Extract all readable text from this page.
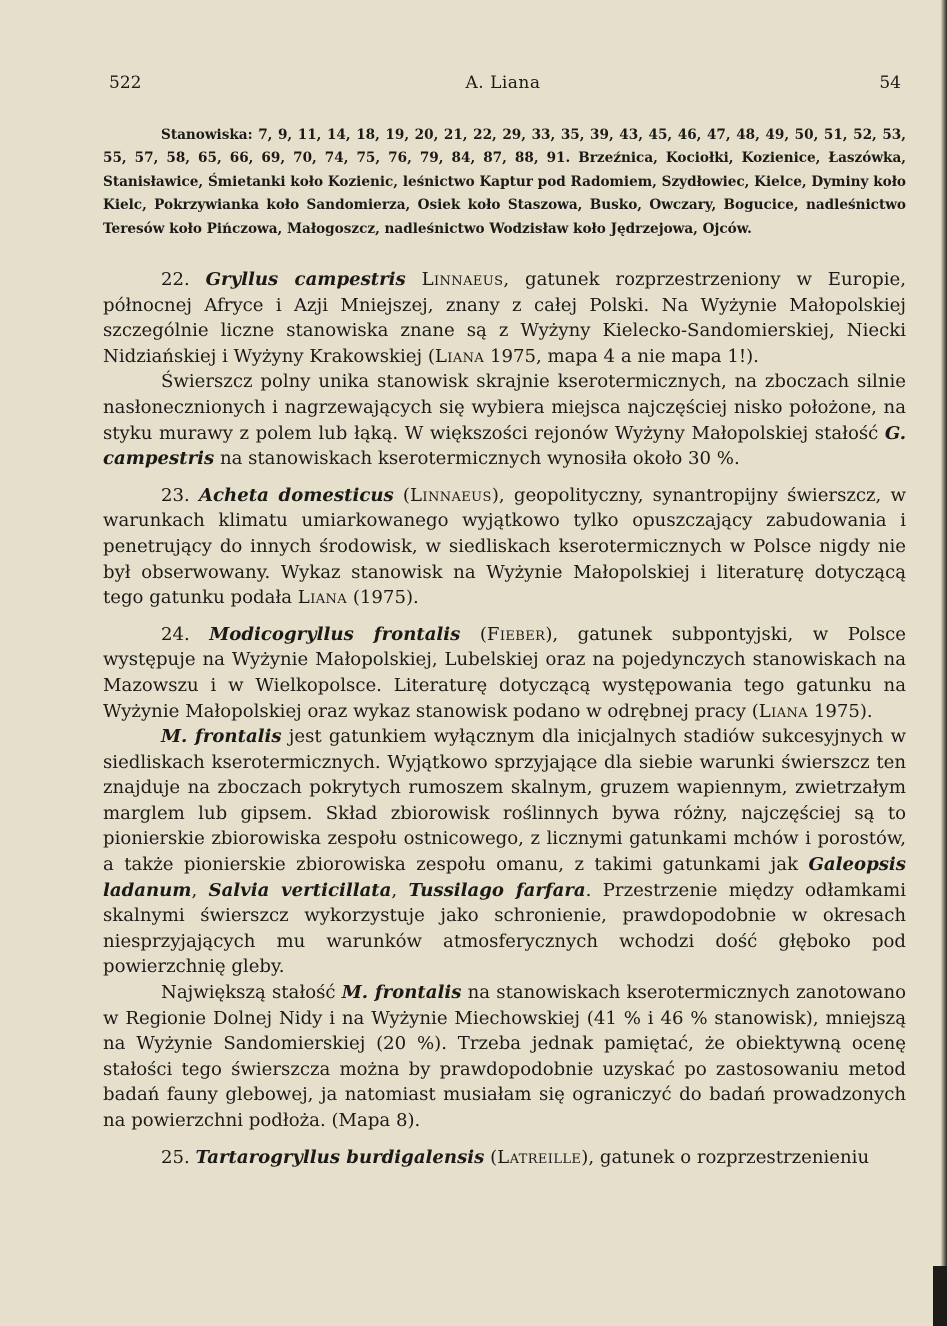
522	A. Liana	54

Stanowiska: 7, 9, 11, 14, 18, 19, 20, 21, 22, 29, 33, 35, 39, 43, 45, 46, 47, 48, 49, 50, 51, 52, 53, 55, 57, 58, 65, 66, 69, 70, 74, 75, 76, 79, 84, 87, 88, 91. Brzeźnica, Kociołki, Kozienice, Łaszówka, Stanisławice, Śmietanki koło Kozienic, leśnictwo Kaptur pod Radomiem, Szydłowiec, Kielce, Dyminy koło Kielc, Pokrzywianka koło Sandomierza, Osiek koło Staszowa, Busko, Owczary, Bogucice, nadleśnictwo Teresów koło Pińczowa, Małogoszcz, nadleśnictwo Wodzisław koło Jędrzejowa, Ojców.

22. Gryllus campestris Linnaeus, gatunek rozprzestrzeniony w Europie, północnej Afryce i Azji Mniejszej, znany z całej Polski. Na Wyżynie Małopolskiej szczególnie liczne stanowiska znane są z Wyżyny Kielecko-Sandomierskiej, Niecki Nidziańskiej i Wyżyny Krakowskiej (Liana 1975, mapa 4 a nie mapa 1!).

Świerszcz polny unika stanowisk skrajnie kserotermicznych, na zboczach silnie nasłonecznionych i nagrzewających się wybiera miejsca najczęściej nisko położone, na styku murawy z polem lub łąką. W większości rejonów Wyżyny Małopolskiej stałość G. campestris na stanowiskach kserotermicznych wynosiła około 30 %.

23. Acheta domesticus (Linnaeus), geopolityczny, synantropijny świerszcz, w warunkach klimatu umiarkowanego wyjątkowo tylko opuszczający zabudowania i penetrujący do innych środowisk, w siedliskach kserotermicznych w Polsce nigdy nie był obserwowany. Wykaz stanowisk na Wyżynie Małopolskiej i literaturę dotyczącą tego gatunku podała Liana (1975).

24. Modicogryllus frontalis (Fieber), gatunek subpontyjski, w Polsce występuje na Wyżynie Małopolskiej, Lubelskiej oraz na pojedynczych stanowiskach na Mazowszu i w Wielkopolsce. Literaturę dotyczącą występowania tego gatunku na Wyżynie Małopolskiej oraz wykaz stanowisk podano w odrębnej pracy (Liana 1975).

M. frontalis jest gatunkiem wyłącznym dla inicjalnych stadiów sukcesyjnych w siedliskach kserotermicznych. Wyjątkowo sprzyjające dla siebie warunki świerszcz ten znajduje na zboczach pokrytych rumoszem skalnym, gruzem wapiennym, zwietrzałym marglem lub gipsem. Skład zbiorowisk roślinnych bywa różny, najczęściej są to pionierskie zbiorowiska zespołu ostnicowego, z licznymi gatunkami mchów i porostów, a także pionierskie zbiorowiska zespołu omanu, z takimi gatunkami jak Galeopsis ladanum, Salvia verticillata, Tussilago farfara. Przestrzenie między odłamkami skalnymi świerszcz wykorzystuje jako schronienie, prawdopodobnie w okresach niesprzyjających mu warunków atmosferycznych wchodzi dość głęboko pod powierzchnię gleby.

Największą stałość M. frontalis na stanowiskach kserotermicznych zanotowano w Regionie Dolnej Nidy i na Wyżynie Miechowskiej (41 % i 46 % stanowisk), mniejszą na Wyżynie Sandomierskiej (20 %). Trzeba jednak pamiętać, że obiektywną ocenę stałości tego świerszcza można by prawdopodobnie uzyskać po zastosowaniu metod badań fauny glebowej, ja natomiast musiałam się ograniczyć do badań prowadzonych na powierzchni podłoża. (Mapa 8).

25. Tartarogryllus burdigalensis (Latreille), gatunek o rozprzestrzenieniu
